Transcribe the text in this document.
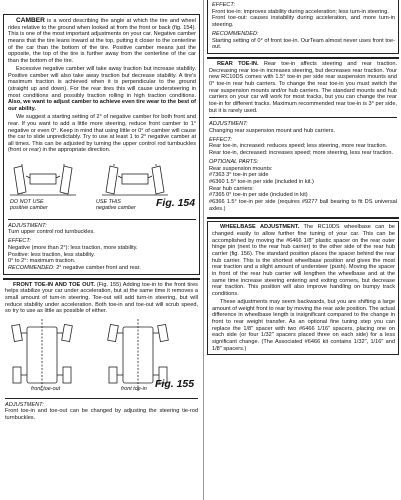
CAMBER is a word describing the angle at which the tire and wheel rides relative to the ground when looked at from the front or back (fig. 154). This is one of the most important adjustments on your car. Negative camber means that the tire leans inward at the top, putting it closer to the centerline of the car than the bottom of the tire. Positive camber means just the opposite, the top of the tire is further away from the centerline of the car than the bottom of the tire.

Excessive negative camber will take away traction but increase stability. Positive camber will also take away traction but decrease stability. A tire's maximum traction is achieved when it is perpendicular to the ground (straight up and down). For the rear tires this will cause understeering in most conditions and possibly traction rolling in high traction conditions. Also, we want to adjust camber to achieve even tire wear to the best of our ability.

We suggest a starting setting of 2° of negative camber for both front and rear. If you want to add a little more steering, reduce front camber to 1° negative or even 0°. Keep in mind that using little or 0° of camber will cause the car to slide unpredictably. Try to use at least 1 to 2° negative camber at all times. This can be adjusted by turning the upper control rod turnbuckles (front or rear) in the appropriate direction.

DO NOT USE
positive camber
USE THIS
negative camber Fig. 154
ADJUSTMENT:

Turn upper control rod turnbuckles.

EFFECT:

Negative (more than 2°): less traction, more stability.

Positive: less traction, less stability.

0° to 2°: maximum traction.

RECOMMENDED: 2° negative camber front and rear.

FRONT TOE-IN AND TOE OUT. (Fig. 155) Adding toe-in to the front tires helps stabilize your car under acceleration, but at the same time it removes a small amount of turn-in steering. Toe-out will add turn-in steering, but will reduce stability under acceleration. Both toe-in and toe-out will scrub speed, so try to use as little as possible of either.

front toe-out	front toe-in Fig. 155
ADJUSTMENT:

Front toe-in and toe-out can be changed by adjusting the steering tie-rod turnbuckles.

EFFECT:

Front toe-in: improves stability during acceleration; less turn-in steering.

Front toe-out: causes instability during acceleration, and more turn-in steering.

RECOMMENDED:

Starting setting of 0° of front toe-in. OurTeam almost never uses front toe-out.

REAR TOE-IN. Rear toe-in affects steering and rear traction. Decreasing rear toe-in increases steering, but decreases rear traction. Your new RC10DS comes with 1.5° toe-in per side rear suspension mounts and 0° toe-in rear hub carriers. To change the rear toe-in you must switch the rear suspension mounts and/or hub carriers. The standard mounts and hub carriers on your car will work for most tracks, but you can change the rear toe-in for different tracks. Maximum recommended rear toe-in is 3° per side, but it is rarely used.

ADJUSTMENT:

Changing rear suspension mount and hub carriers.

EFFECT:

Rear toe-in, increased: reduces speed; less steering, more rear traction.

Rear toe-in, decreased: increases speed; more steering, less rear traction.

OPTIONAL PARTS:

Rear suspension mounts:

#7363 3° toe-in per side

#6360 1.5° toe-in per side (included in kit.)

Rear hub carriers:

#7365 0° toe-in per side (included in kit)

#6366 1.5° toe-in per side (requires #9277 ball bearing to fit DS universal axles.)

WHEELBASE ADJUSTMENT. The RC10DS wheelbase can be changed easily to allow further fine tuning of your car. This can be accomplished by moving the #6466 1/8" plastic spacer on the rear outer hinge pin (next to the rear hub carrier) to the other side of the rear hub carrier (fig. 156). The standard position places the spacer behind the rear hub carrier. This is the shortest wheelbase position and gives the most rear traction and a slight amount of understeer (push). Moving the spacer in front of the rear hub carrier will lengthen the wheelbase and at the same time increase steering entering and exiting corners, but decrease rear traction. This position will also improve handling on bumpy track conditions.

These adjustments may seem backwards, but you are shifting a large amount of weight front to rear by moving the rear axle position. The actual difference in wheelbase length is insignificant compared to the change in front to rear weight transfer. As an optional fine tuning step you can replace the 1/8" spacer with two #6466 1/16" spacers, placing one on each side (or four 1/32" spacers placed three on each side) for a less significant change. (The Associated #6466 kit contains 1/32", 1/16" and 1/8" spacers.)
